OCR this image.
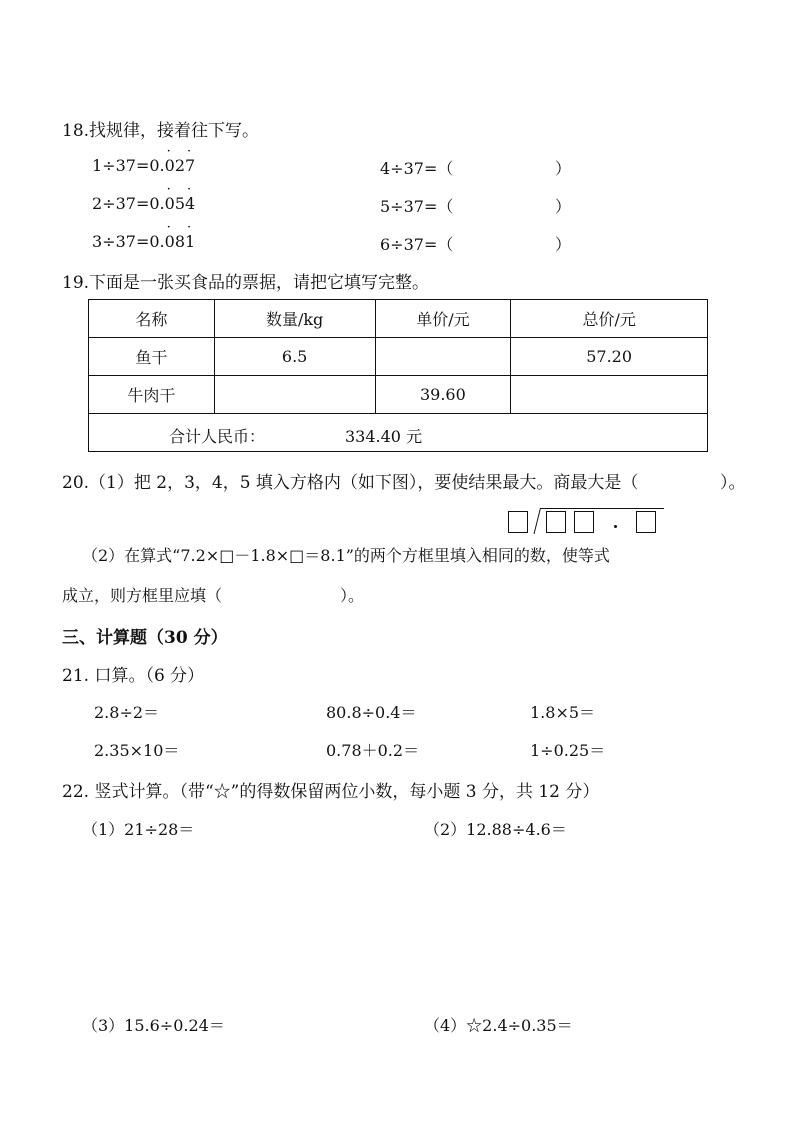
18.找规律，接着往下写。
1÷37=0.
·
02
·
7
2÷37=0.
·
05
·
4
3÷37=0.
·
08
·
1
4÷37=（	）
5÷37=（	）
6÷37=（	）
19.下面是一张买食品的票据，请把它填写完整。
名称	数量/kg	单价/元	总价/元
鱼干	6.5		57.20
牛肉干		39.60	

合计人民币： 334.40 元			
20.（1）把 2，3，4，5 填入方格内（如下图），要使结果最大。商最大是（	）。
（2）在算式“7.2×□－1.8×□＝8.1”的两个方框里填入相同的数，使等式
成立，则方框里应填（	）。
三、计算题（30 分）
21. 口算。（6 分）
2.8÷2＝	80.8÷0.4＝	1.8×5＝
2.35×10＝	0.78＋0.2＝	1÷0.25＝
22. 竖式计算。（带“☆”的得数保留两位小数，每小题 3 分，共 12 分）
（1）21÷28＝	（2）12.88÷4.6＝
（3）15.6÷0.24＝	（4）☆2.4÷0.35＝
